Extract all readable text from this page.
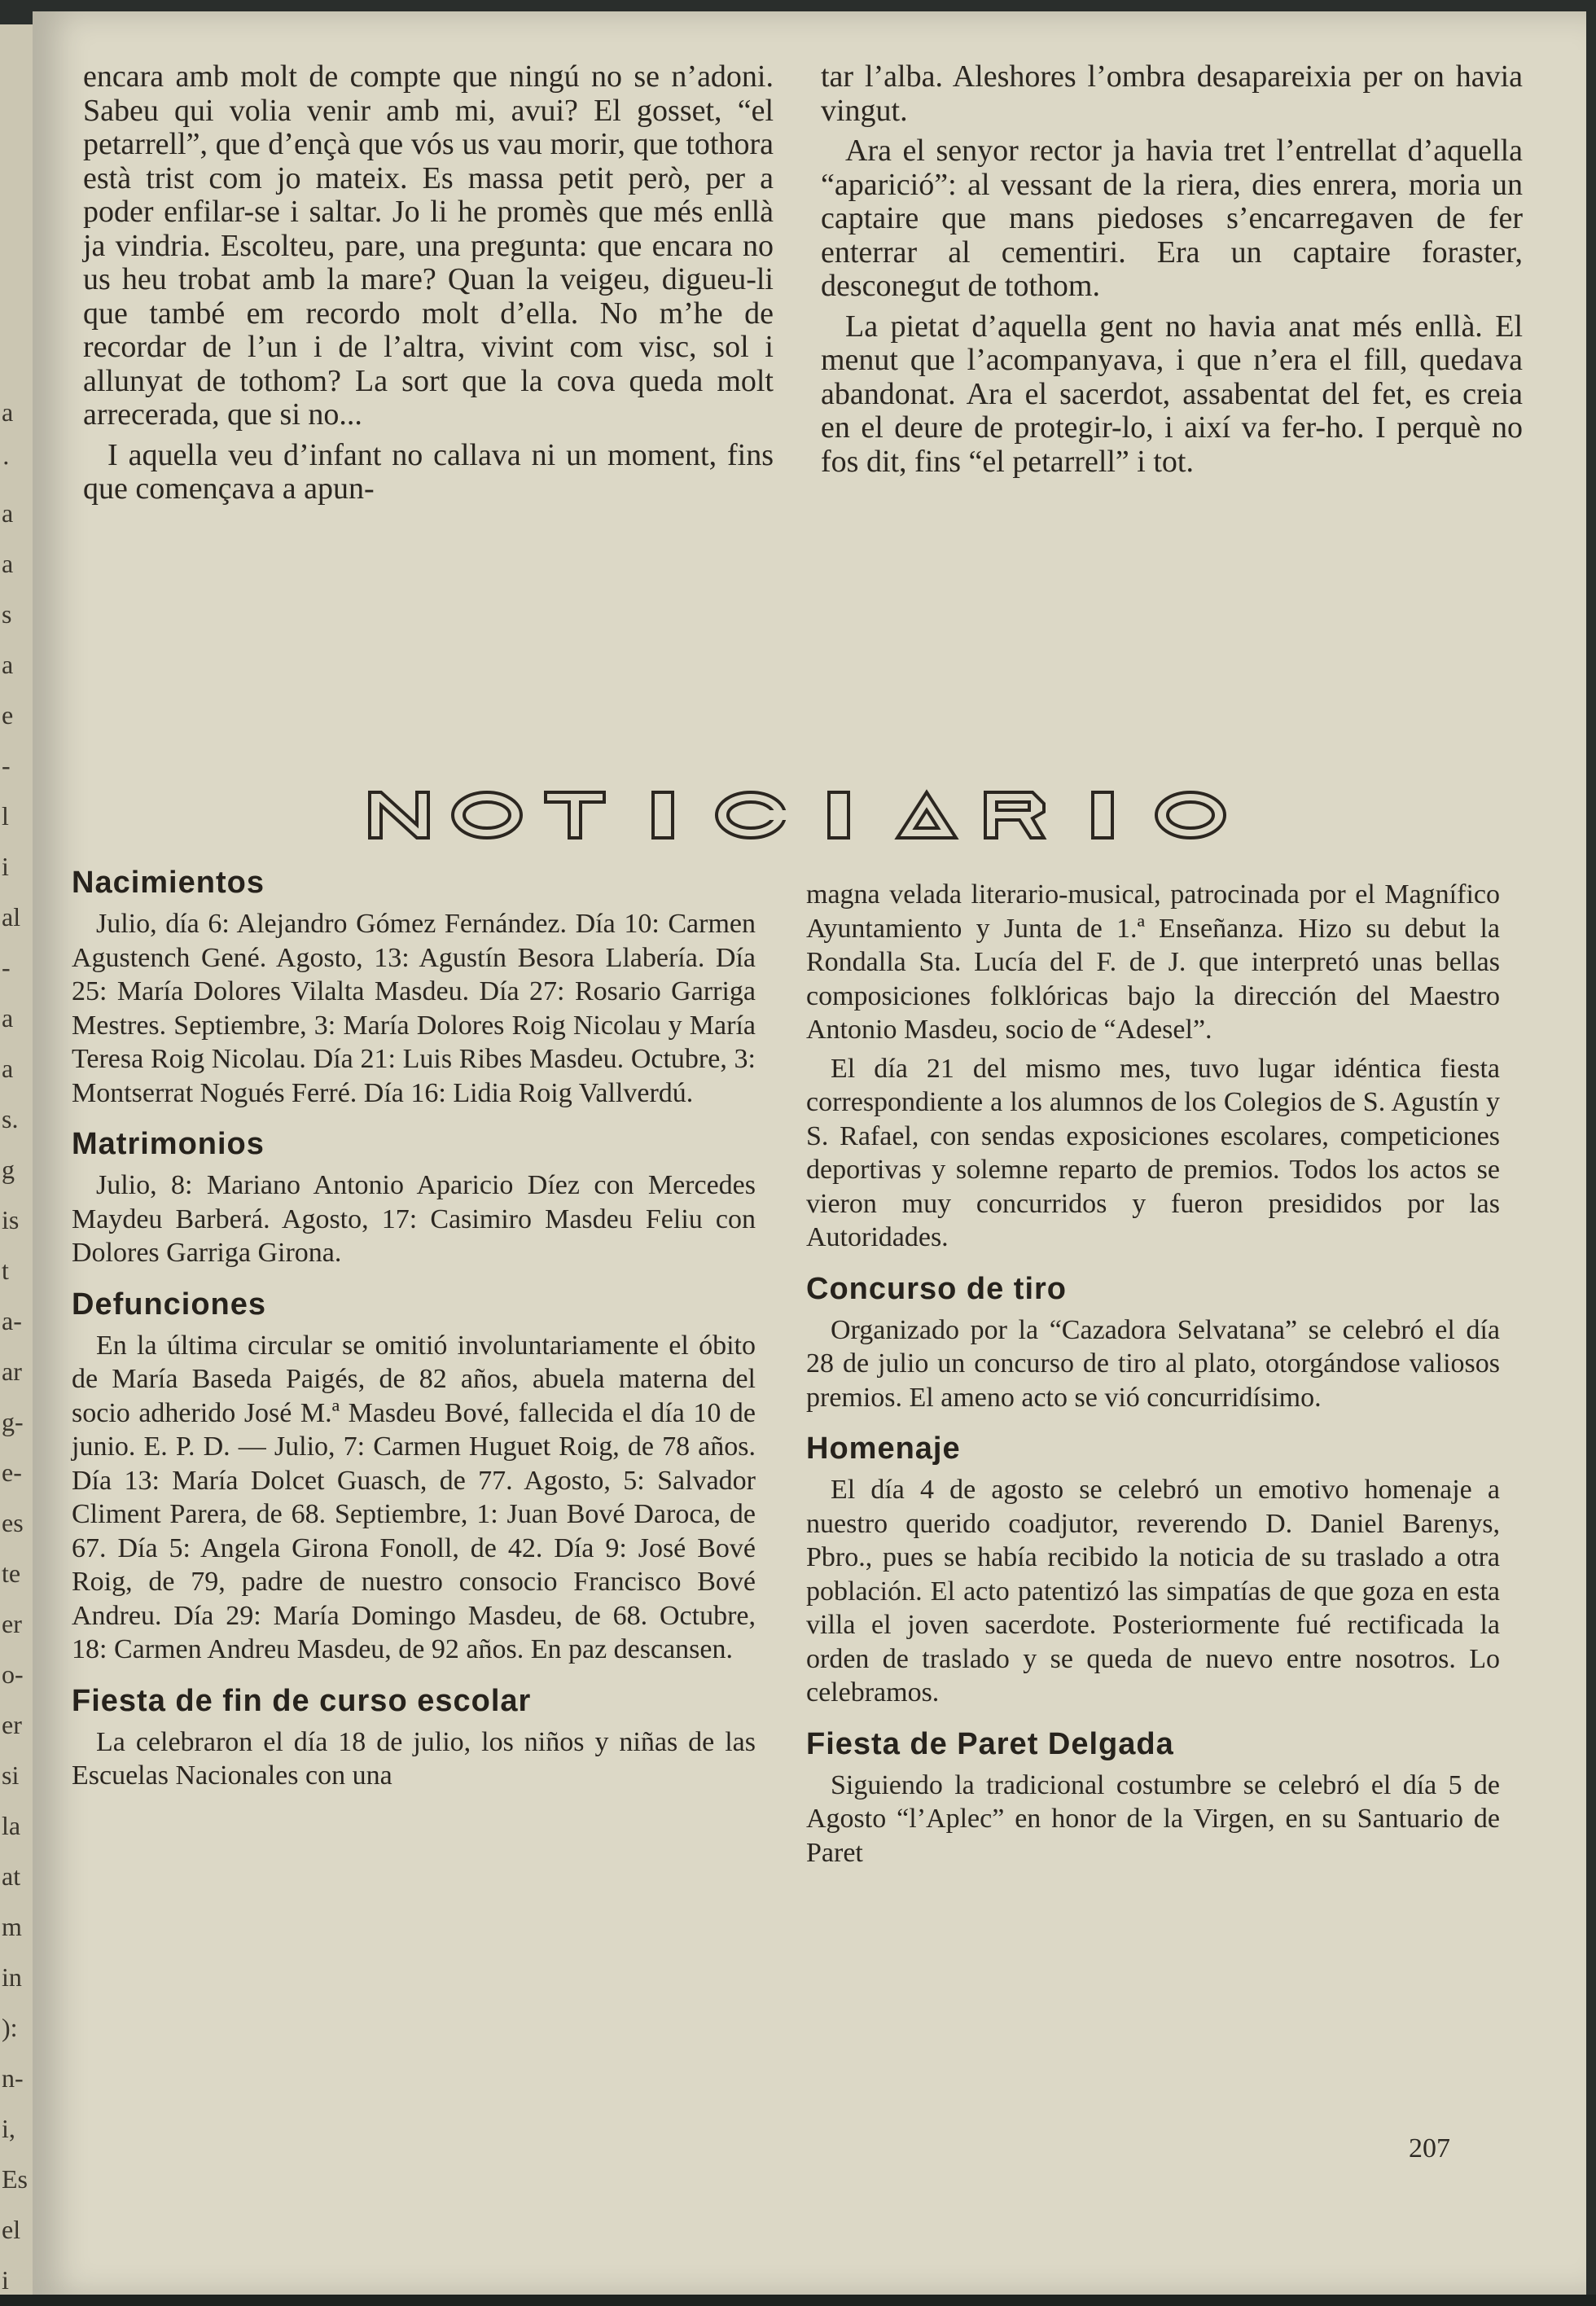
a
·
a
a
s
a
e
-
l
i
al
-
a
a
s.
g
is
t
a-
ar
g-
e-
es
te
er
o-
er
si
la
at
m
in
):
n-
i,
Es
el
i

encara amb molt de compte que ningú no se n’adoni. Sabeu qui volia venir amb mi, avui? El gosset, “el petarrell”, que d’ençà que vós us vau morir, que tothora està trist com jo mateix. Es massa petit però, per a poder enfilar-se i saltar. Jo li he promès que més enllà ja vindria. Escolteu, pare, una pregunta: que encara no us heu trobat amb la mare? Quan la veigeu, digueu-li que també em recordo molt d’ella. No m’he de recordar de l’un i de l’altra, vivint com visc, sol i allunyat de tothom? La sort que la cova queda molt arrecerada, que si no...

I aquella veu d’infant no callava ni un moment, fins que començava a apun-

tar l’alba. Aleshores l’ombra desapareixia per on havia vingut.

Ara el senyor rector ja havia tret l’entrellat d’aquella “aparició”: al vessant de la riera, dies enrera, moria un captaire que mans piedoses s’encarregaven de fer enterrar al cementiri. Era un captaire foraster, desconegut de tothom.

La pietat d’aquella gent no havia anat més enllà. El menut que l’acompanyava, i que n’era el fill, quedava abandonat. Ara el sacerdot, assabentat del fet, es creia en el deure de protegir-lo, i així va fer-ho. I perquè no fos dit, fins “el petarrell” i tot.

Nacimientos

Julio, día 6: Alejandro Gómez Fernández. Día 10: Carmen Agustench Gené. Agosto, 13: Agustín Besora Llabería. Día 25: María Dolores Vilalta Masdeu. Día 27: Rosario Garriga Mestres. Septiembre, 3: María Dolores Roig Nicolau y María Teresa Roig Nicolau. Día 21: Luis Ribes Masdeu. Octubre, 3: Montserrat Nogués Ferré. Día 16: Lidia Roig Vallverdú.

Matrimonios

Julio, 8: Mariano Antonio Aparicio Díez con Mercedes Maydeu Barberá. Agosto, 17: Casimiro Masdeu Feliu con Dolores Garriga Girona.

Defunciones

En la última circular se omitió involuntariamente el óbito de María Baseda Paigés, de 82 años, abuela materna del socio adherido José M.ª Masdeu Bové, fallecida el día 10 de junio. E. P. D. — Julio, 7: Carmen Huguet Roig, de 78 años. Día 13: María Dolcet Guasch, de 77. Agosto, 5: Salvador Climent Parera, de 68. Septiembre, 1: Juan Bové Daroca, de 67. Día 5: Angela Girona Fonoll, de 42. Día 9: José Bové Roig, de 79, padre de nuestro consocio Francisco Bové Andreu. Día 29: María Domingo Masdeu, de 68. Octubre, 18: Carmen Andreu Masdeu, de 92 años. En paz descansen.

Fiesta de fin de curso escolar

La celebraron el día 18 de julio, los niños y niñas de las Escuelas Nacionales con una

magna velada literario-musical, patrocinada por el Magnífico Ayuntamiento y Junta de 1.ª Enseñanza. Hizo su debut la Rondalla Sta. Lucía del F. de J. que interpretó unas bellas composiciones folklóricas bajo la dirección del Maestro Antonio Masdeu, socio de “Adesel”.

El día 21 del mismo mes, tuvo lugar idéntica fiesta correspondiente a los alumnos de los Colegios de S. Agustín y S. Rafael, con sendas exposiciones escolares, competiciones deportivas y solemne reparto de premios. Todos los actos se vieron muy concurridos y fueron presididos por las Autoridades.

Concurso de tiro

Organizado por la “Cazadora Selvatana” se celebró el día 28 de julio un concurso de tiro al plato, otorgándose valiosos premios. El ameno acto se vió concurridísimo.

Homenaje

El día 4 de agosto se celebró un emotivo homenaje a nuestro querido coadjutor, reverendo D. Daniel Barenys, Pbro., pues se había recibido la noticia de su traslado a otra población. El acto patentizó las simpatías de que goza en esta villa el joven sacerdote. Posteriormente fué rectificada la orden de traslado y se queda de nuevo entre nosotros. Lo celebramos.

Fiesta de Paret Delgada

Siguiendo la tradicional costumbre se celebró el día 5 de Agosto “l’Aplec” en honor de la Virgen, en su Santuario de Paret

207
